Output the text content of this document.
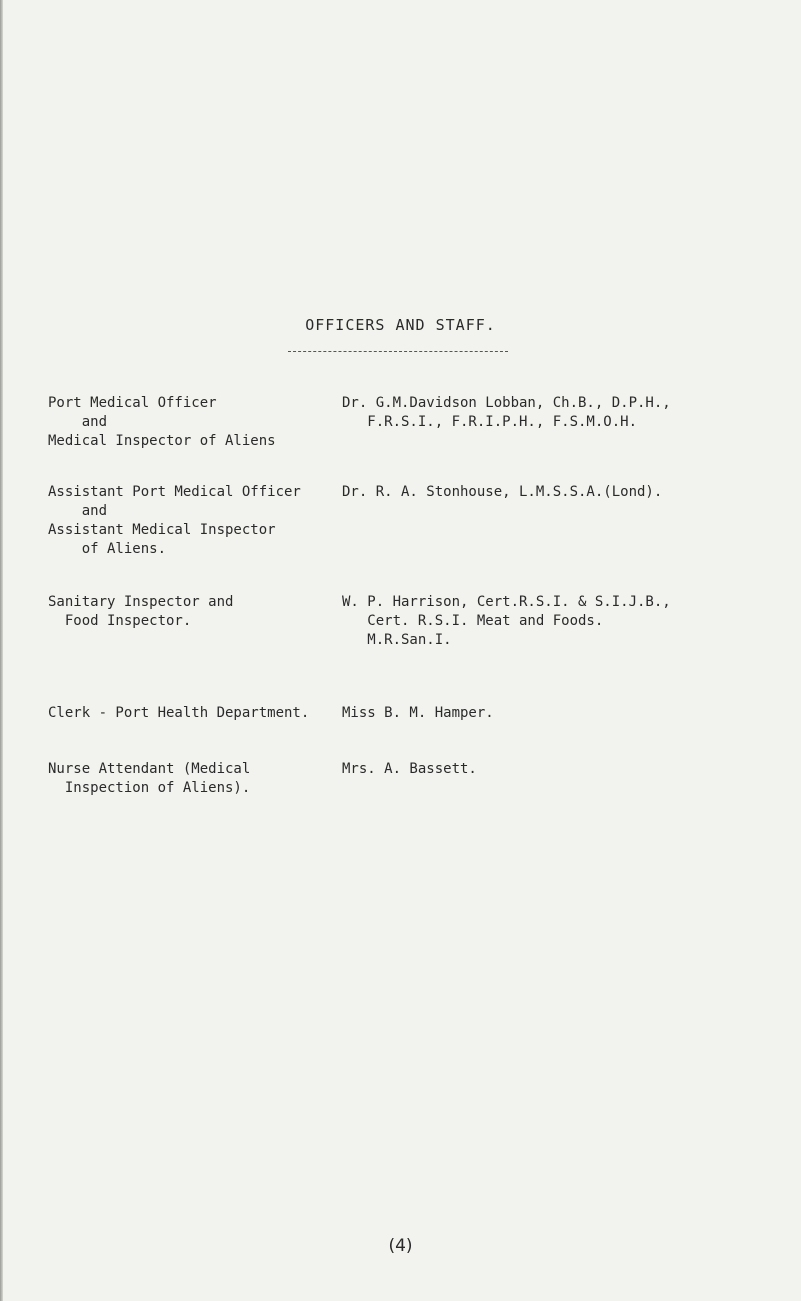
OFFICERS AND STAFF.
Port Medical Officer
and
Medical Inspector of Aliens
Dr. G.M.Davidson Lobban, Ch.B., D.P.H.,
F.R.S.I., F.R.I.P.H., F.S.M.O.H.
Assistant Port Medical Officer
and
Assistant Medical Inspector
of Aliens.
Dr. R. A. Stonhouse, L.M.S.S.A.(Lond).
Sanitary Inspector and
Food Inspector.
W. P. Harrison, Cert.R.S.I. & S.I.J.B.,
Cert. R.S.I. Meat and Foods.
M.R.San.I.
Clerk - Port Health Department.	Miss B. M. Hamper.
Nurse Attendant (Medical
Inspection of Aliens).
Mrs. A. Bassett.
(4)
